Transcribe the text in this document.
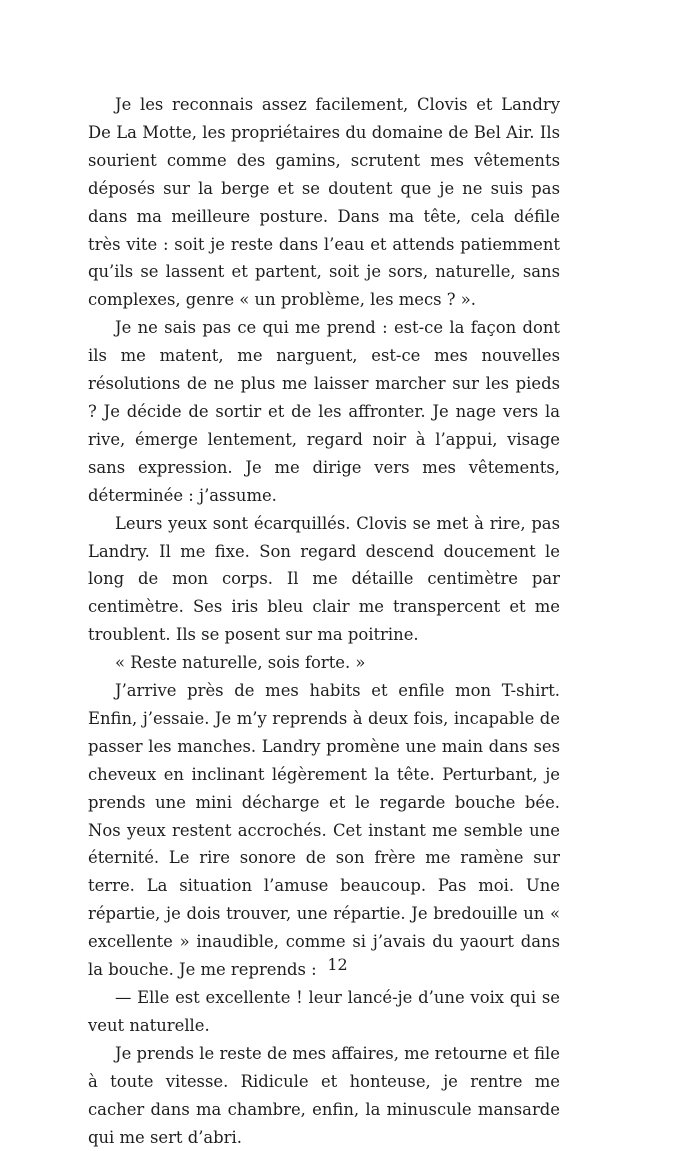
Je les reconnais assez facilement, Clovis et Landry De La Motte, les propriétaires du domaine de Bel Air. Ils sourient comme des gamins, scrutent mes vêtements déposés sur la berge et se doutent que je ne suis pas dans ma meilleure posture. Dans ma tête, cela défile très vite : soit je reste dans l’eau et attends patiemment qu’ils se lassent et partent, soit je sors, naturelle, sans complexes, genre « un problème, les mecs ? ».

Je ne sais pas ce qui me prend : est-ce la façon dont ils me matent, me narguent, est-ce mes nouvelles résolutions de ne plus me laisser marcher sur les pieds ? Je décide de sortir et de les affronter. Je nage vers la rive, émerge lentement, regard noir à l’appui, visage sans expression. Je me dirige vers mes vêtements, déterminée : j’assume.

Leurs yeux sont écarquillés. Clovis se met à rire, pas Landry. Il me fixe. Son regard descend doucement le long de mon corps. Il me détaille centimètre par centimètre. Ses iris bleu clair me transpercent et me troublent. Ils se posent sur ma poitrine.

« Reste naturelle, sois forte. »

J’arrive près de mes habits et enfile mon T-shirt. Enfin, j’essaie. Je m’y reprends à deux fois, incapable de passer les manches. Landry promène une main dans ses cheveux en inclinant légèrement la tête. Perturbant, je prends une mini décharge et le regarde bouche bée. Nos yeux restent accrochés. Cet instant me semble une éternité. Le rire sonore de son frère me ramène sur terre. La situation l’amuse beaucoup. Pas moi. Une répartie, je dois trouver, une répartie. Je bredouille un « excellente » inaudible, comme si j’avais du yaourt dans la bouche. Je me reprends :

— Elle est excellente ! leur lancé-je d’une voix qui se veut naturelle.

Je prends le reste de mes affaires, me retourne et file à toute vitesse. Ridicule et honteuse, je rentre me cacher dans ma chambre, enfin, la minuscule mansarde qui me sert d’abri.

12
